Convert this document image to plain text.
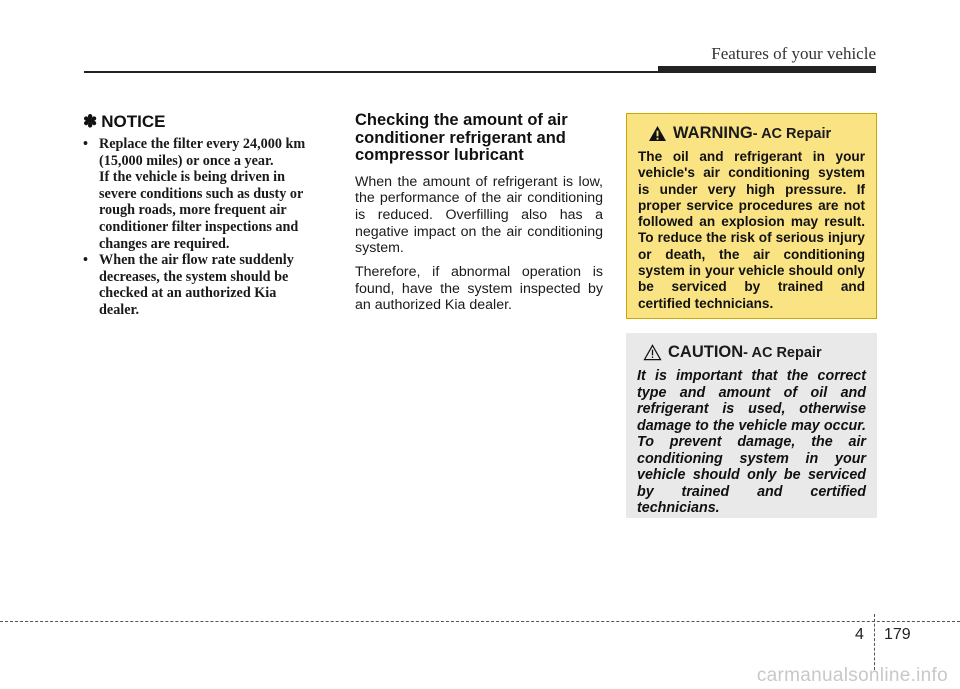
Features of your vehicle
✽ NOTICE
• Replace the filter every 24,000 km
(15,000 miles) or once a year.
If the vehicle is being driven in
severe conditions such as dusty or
rough roads, more frequent air
conditioner filter inspections and
changes are required.
• When the air flow rate suddenly
decreases, the system should be
checked at an authorized Kia
dealer.
Checking the amount of air
conditioner refrigerant and
compressor lubricant

When the amount of refrigerant is low, the performance of the air conditioning is reduced. Overfilling also has a negative impact on the air conditioning system.

Therefore, if abnormal operation is found, have the system inspected by an authorized Kia dealer.

WARNING - AC Repair
The oil and refrigerant in your vehicle's air conditioning system is under very high pressure. If proper service procedures are not followed an explosion may result. To reduce the risk of serious injury or death, the air conditioning system in your vehicle should only be serviced by trained and certified technicians.
CAUTION - AC Repair
It is important that the correct type and amount of oil and refrigerant is used, otherwise damage to the vehicle may occur. To prevent damage, the air conditioning system in your vehicle should only be serviced by trained and certified technicians.
4 179
carmanualsonline.info
